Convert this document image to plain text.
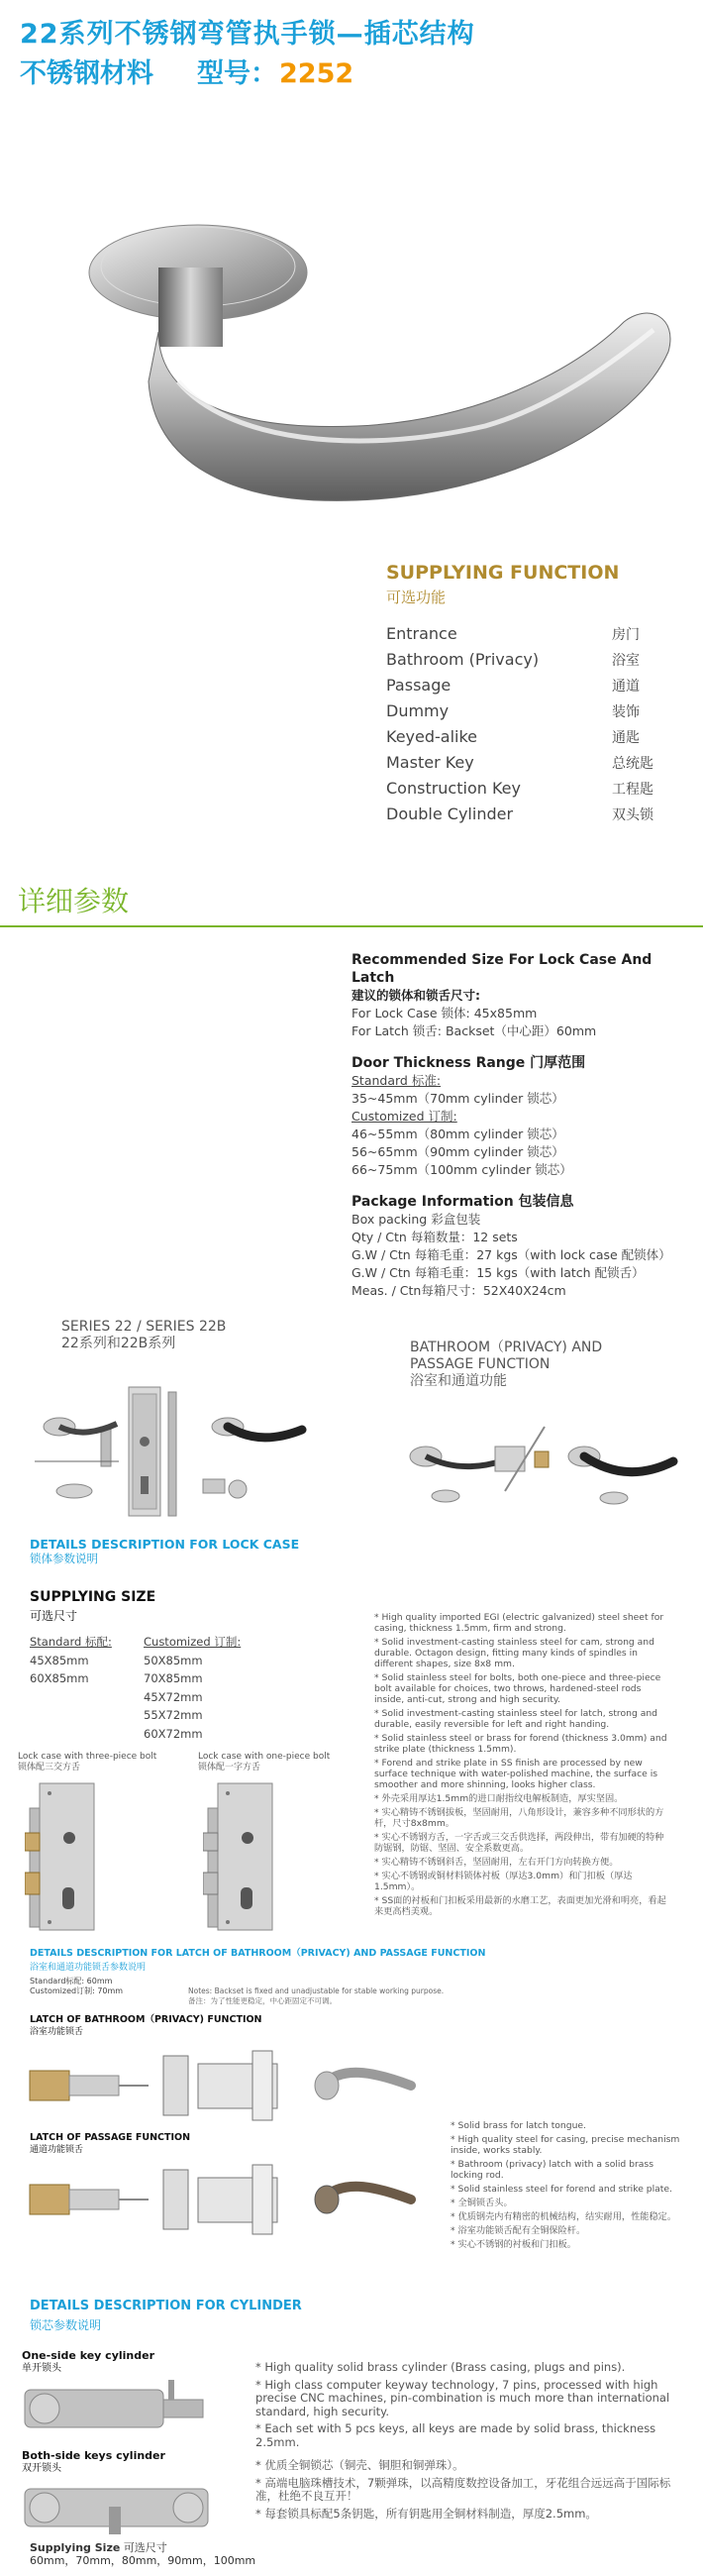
22系列不锈钢弯管执手锁—插芯结构
不锈钢材料 型号：2252
SUPPLYING FUNCTION
可选功能
Entrance	房门
Bathroom (Privacy)	浴室
Passage	通道
Dummy	装饰
Keyed-alike	通匙
Master Key	总统匙
Construction Key	工程匙
Double Cylinder	双头锁
详细参数
Recommended Size For Lock Case And Latch
建议的锁体和锁舌尺寸:
For Lock Case 锁体: 45x85mm
For Latch 锁舌: Backset（中心距）60mm
Door Thickness Range 门厚范围
Standard 标准:
35~45mm（70mm cylinder 锁芯）
Customized 订制:
46~55mm（80mm cylinder 锁芯）
56~65mm（90mm cylinder 锁芯）
66~75mm（100mm cylinder 锁芯）
Package Information 包装信息
Box packing 彩盒包装
Qty / Ctn 每箱数量：12 sets
G.W / Ctn 每箱毛重：27 kgs（with lock case 配锁体）
G.W / Ctn 每箱毛重：15 kgs（with latch 配锁舌）
Meas. / Ctn每箱尺寸：52X40X24cm
SERIES 22 / SERIES 22B
22系列和22B系列	BATHROOM（PRIVACY) AND
PASSAGE FUNCTION
浴室和通道功能
DETAILS DESCRIPTION FOR LOCK CASE
锁体参数说明
SUPPLYING SIZE
可选尺寸
Standard 标配:
45X85mm
60X85mm
Customized 订制:
50X85mm
70X85mm
45X72mm
55X72mm
60X72mm
* High quality imported EGI (electric galvanized) steel sheet for casing, thickness 1.5mm, firm and strong.
* Solid investment-casting stainless steel for cam, strong and durable. Octagon design, fitting many kinds of spindles in different shapes, size 8x8 mm.
* Solid stainless steel for bolts, both one-piece and three-piece bolt available for choices, two throws, hardened-steel rods inside, anti-cut, strong and high security.
* Solid investment-casting stainless steel for latch, strong and durable, easily reversible for left and right handing.
* Solid stainless steel or brass for forend (thickness 3.0mm) and strike plate (thickness 1.5mm).
* Forend and strike plate in SS finish are processed by new surface technique with water-polished machine, the surface is smoother and more shinning, looks higher class.
* 外壳采用厚达1.5mm的进口耐指纹电解板制造，厚实坚固。
* 实心精铸不锈钢拔板，坚固耐用，八角形设计，兼容多种不同形状的方杆，尺寸8x8mm。
* 实心不锈钢方舌，一字舌或三交舌供选择，两段伸出，带有加硬的特种防锯钢，防锯、坚固、安全系数更高。
* 实心精铸不锈钢斜舌，坚固耐用，左右开门方向转换方便。
* 实心不锈钢或铜材料锁体衬板（厚达3.0mm）和门扣板（厚达1.5mm）。
* SS面的衬板和门扣板采用最新的水磨工艺，表面更加光滑和明亮，看起来更高档美观。
Lock case with three-piece bolt
锁体配三交方舌
Lock case with one-piece bolt
锁体配一字方舌
DETAILS DESCRIPTION FOR LATCH OF BATHROOM（PRIVACY) AND PASSAGE FUNCTION
浴室和通道功能锁舌参数说明
Standard标配: 60mm
Customized订制: 70mm	Notes: Backset is fixed and unadjustable for stable working purpose.
备注：为了性能更稳定，中心距固定不可调。
LATCH OF BATHROOM（PRIVACY) FUNCTION
浴室功能锁舌
LATCH OF PASSAGE FUNCTION
通道功能锁舌
* Solid brass for latch tongue.
* High quality steel for casing, precise mechanism inside, works stably.
* Bathroom (privacy) latch with a solid brass locking rod.
* Solid stainless steel for forend and strike plate.
* 全铜锁舌头。
* 优质钢壳内有精密的机械结构，结实耐用，性能稳定。
* 浴室功能锁舌配有全铜保险杆。
* 实心不锈钢的衬板和门扣板。
DETAILS DESCRIPTION FOR CYLINDER
锁芯参数说明
One-side key cylinder
单开锁头
Both-side keys cylinder
双开锁头
* High quality solid brass cylinder (Brass casing, plugs and pins).
* High class computer keyway technology, 7 pins, processed with high precise CNC machines, pin-combination is much more than international standard, high security.
* Each set with 5 pcs keys, all keys are made by solid brass, thickness 2.5mm.
* 优质全铜锁芯（铜壳、铜胆和铜弹珠）。
* 高端电脑珠槽技术，7颗弹珠，以高精度数控设备加工，牙花组合远远高于国际标准，杜绝不良互开！
* 每套锁具标配5条钥匙，所有钥匙用全铜材料制造，厚度2.5mm。
Supplying Size 可选尺寸
60mm，70mm，80mm，90mm，100mm
